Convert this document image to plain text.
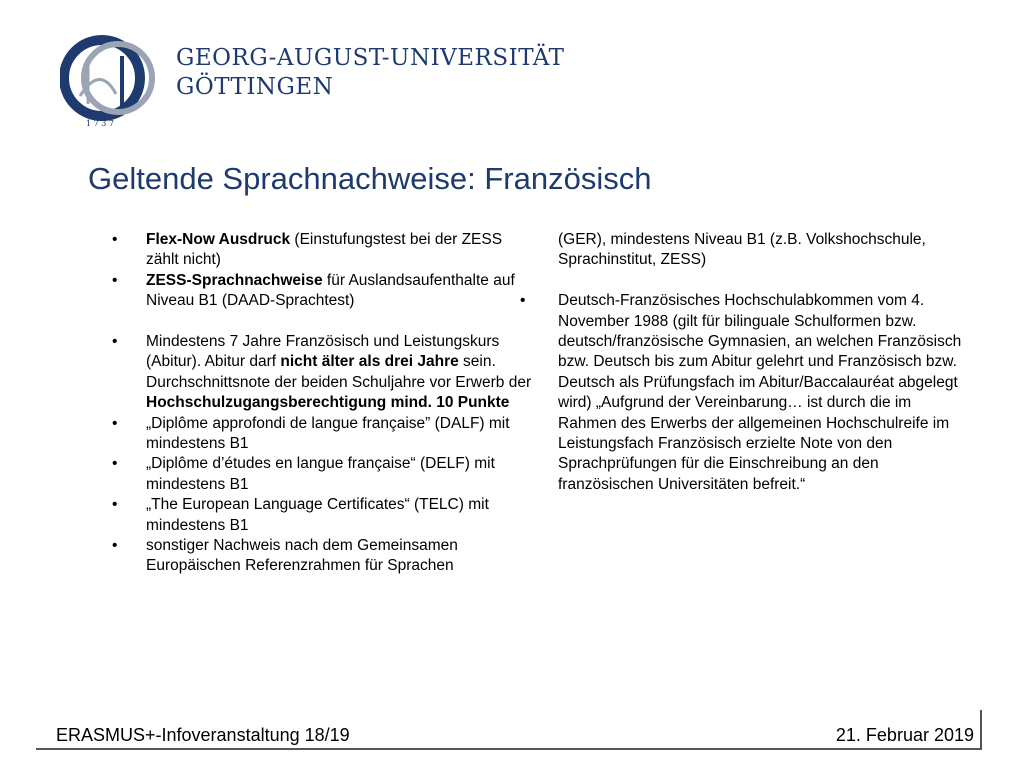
1 7 3 7
GEORG-AUGUST-UNIVERSITÄT
GÖTTINGEN
Geltende Sprachnachweise: Französisch
• Flex-Now Ausdruck (Einstufungstest bei der ZESS zählt nicht)
• ZESS-Sprachnachweise für Auslandsaufenthalte auf Niveau B1 (DAAD-Sprachtest)
• Mindestens 7 Jahre Französisch und Leistungskurs (Abitur). Abitur darf nicht älter als drei Jahre sein. Durchschnittsnote der beiden Schuljahre vor Erwerb der Hochschulzugangsberechtigung mind. 10 Punkte
• „Diplôme approfondi de langue française” (DALF) mit mindestens B1
• „Diplôme d’études en langue française“ (DELF) mit mindestens B1
• „The European Language Certificates“ (TELC) mit mindestens B1
• sonstiger Nachweis nach dem Gemeinsamen Europäischen Referenzrahmen für Sprachen
(GER), mindestens Niveau B1 (z.B. Volkshochschule, Sprachinstitut, ZESS)
• Deutsch-Französisches Hochschulabkommen vom 4. November 1988 (gilt für bilinguale Schulformen bzw. deutsch/französische Gymnasien, an welchen Französisch bzw. Deutsch bis zum Abitur gelehrt und Französisch bzw. Deutsch als Prüfungsfach im Abitur/Baccalauréat abgelegt wird) „Aufgrund der Vereinbarung… ist durch die im Rahmen des Erwerbs der allgemeinen Hochschulreife im Leistungsfach Französisch erzielte Note von den Sprachprüfungen für die Einschreibung an den französischen Universitäten befreit.“
ERASMUS+-Infoveranstaltung 18/19	21. Februar 2019
